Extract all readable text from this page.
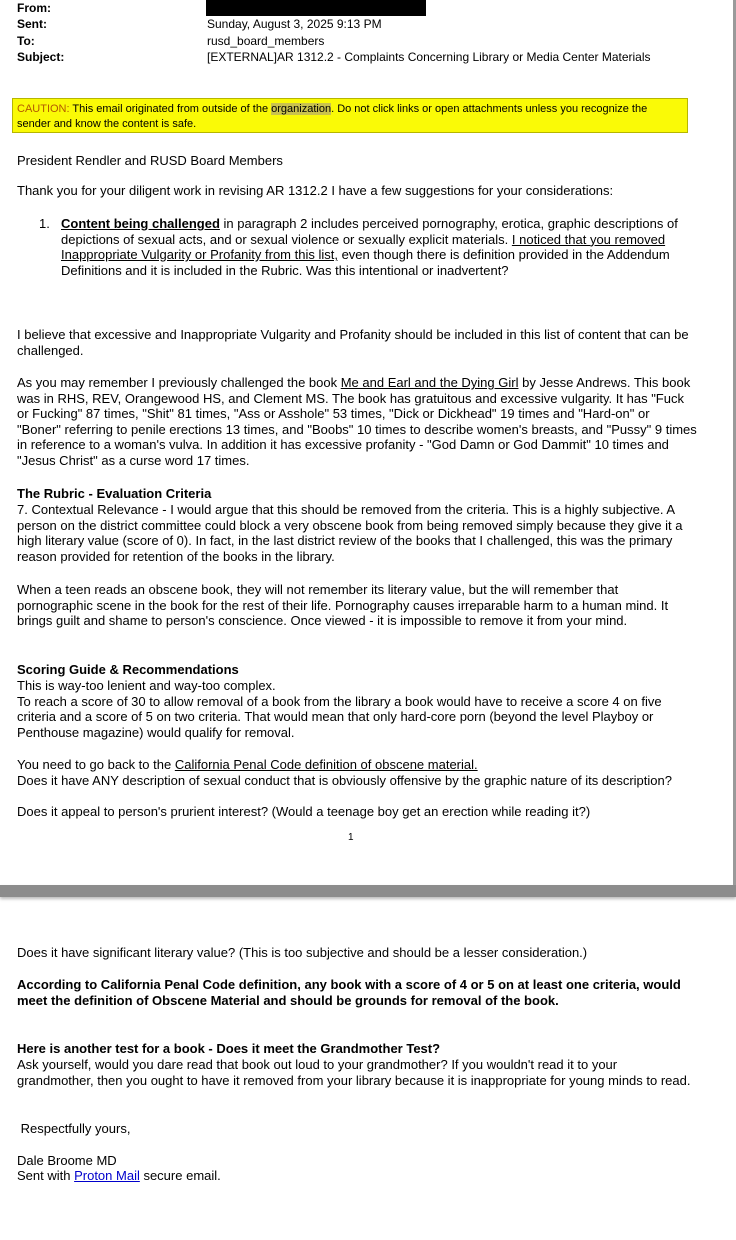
From:
Sent:	Sunday, August 3, 2025 9:13 PM
To:	rusd_board_members
Subject:	[EXTERNAL]AR 1312.2 - Complaints Concerning Library or Media Center Materials
CAUTION: This email originated from outside of the organization. Do not click links or open attachments unless you recognize the sender and know the content is safe.
President Rendler and RUSD Board Members
Thank you for your diligent work in revising AR 1312.2 I have a few suggestions for your considerations:
1. Content being challenged in paragraph 2 includes perceived pornography, erotica, graphic descriptions of depictions of sexual acts, and or sexual violence or sexually explicit materials. I noticed that you removed Inappropriate Vulgarity or Profanity from this list, even though there is definition provided in the Addendum Definitions and it is included in the Rubric. Was this intentional or inadvertent?
I believe that excessive and Inappropriate Vulgarity and Profanity should be included in this list of content that can be challenged.
As you may remember I previously challenged the book Me and Earl and the Dying Girl by Jesse Andrews. This book was in RHS, REV, Orangewood HS, and Clement MS. The book has gratuitous and excessive vulgarity. It has "Fuck or Fucking" 87 times, "Shit" 81 times, "Ass or Asshole" 53 times, "Dick or Dickhead" 19 times and "Hard-on" or "Boner" referring to penile erections 13 times, and "Boobs" 10 times to describe women's breasts, and "Pussy" 9 times in reference to a woman's vulva. In addition it has excessive profanity - "God Damn or God Dammit" 10 times and "Jesus Christ" as a curse word 17 times.
The Rubric - Evaluation Criteria
7. Contextual Relevance - I would argue that this should be removed from the criteria. This is a highly subjective. A person on the district committee could block a very obscene book from being removed simply because they give it a high literary value (score of 0). In fact, in the last district review of the books that I challenged, this was the primary reason provided for retention of the books in the library.
When a teen reads an obscene book, they will not remember its literary value, but the will remember that pornographic scene in the book for the rest of their life. Pornography causes irreparable harm to a human mind. It brings guilt and shame to person's conscience. Once viewed - it is impossible to remove it from your mind.
Scoring Guide & Recommendations
This is way-too lenient and way-too complex.
To reach a score of 30 to allow removal of a book from the library a book would have to receive a score 4 on five criteria and a score of 5 on two criteria. That would mean that only hard-core porn (beyond the level Playboy or Penthouse magazine) would qualify for removal.
You need to go back to the California Penal Code definition of obscene material.
Does it have ANY description of sexual conduct that is obviously offensive by the graphic nature of its description?
Does it appeal to person's prurient interest? (Would a teenage boy get an erection while reading it?)
1
Does it have significant literary value? (This is too subjective and should be a lesser consideration.)
According to California Penal Code definition, any book with a score of 4 or 5 on at least one criteria, would meet the definition of Obscene Material and should be grounds for removal of the book.
Here is another test for a book - Does it meet the Grandmother Test?
Ask yourself, would you dare read that book out loud to your grandmother? If you wouldn't read it to your grandmother, then you ought to have it removed from your library because it is inappropriate for young minds to read.
Respectfully yours,
Dale Broome MD
Sent with Proton Mail secure email.
